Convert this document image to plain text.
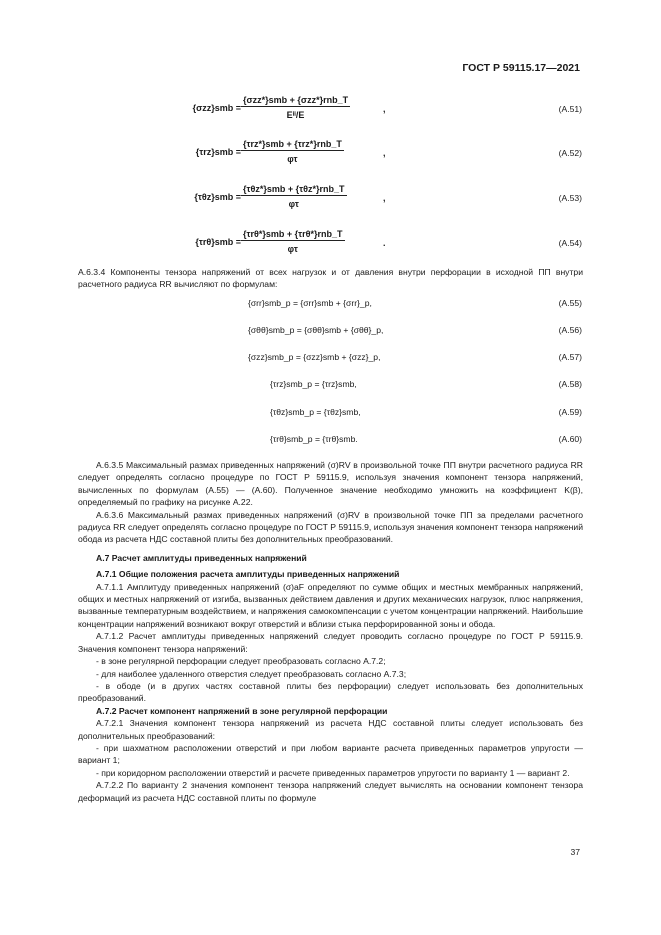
ГОСТ Р 59115.17—2021
{σzz}smb =
{σzz*}smb + {σzz*}rnb_T
Eⁱⁱ/E
,	(A.51)
{τrz}smb =
{τrz*}smb + {τrz*}rnb_T
φτ
,	(A.52)
{τθz}smb =
{τθz*}smb + {τθz*}rnb_T
φτ
,	(A.53)
{τrθ}smb =
{τrθ*}smb + {τrθ*}rnb_T
φτ
.	(A.54)

А.6.3.4 Компоненты тензора напряжений от всех нагрузок и от давления внутри перфорации в исходной ПП внутри расчетного радиуса RR вычисляют по формулам:

{σrr}smb_p = {σrr}smb + {σrr}_p,	(A.55)
{σθθ}smb_p = {σθθ}smb + {σθθ}_p,	(A.56)
{σzz}smb_p = {σzz}smb + {σzz}_p,	(A.57)
{τrz}smb_p = {τrz}smb,	(A.58)
{τθz}smb_p = {τθz}smb,	(A.59)
{τrθ}smb_p = {τrθ}smb.	(A.60)
А.6.3.5 Максимальный размах приведенных напряжений (σ)RV в произвольной точке ПП внутри расчетного радиуса RR следует определять согласно процедуре по ГОСТ Р 59115.9, используя значения компонент тензора напряжений, вычисленных по формулам (А.55) — (А.60). Полученное значение необходимо умножить на коэффициент K(β), определяемый по графику на рисунке А.22.
А.6.3.6 Максимальный размах приведенных напряжений (σ)RV в произвольной точке ПП за пределами расчетного радиуса RR следует определять согласно процедуре по ГОСТ Р 59115.9, используя значения компонент тензора напряжений обода из расчета НДС составной плиты без дополнительных преобразований.
А.7 Расчет амплитуды приведенных напряжений
А.7.1 Общие положения расчета амплитуды приведенных напряжений
А.7.1.1 Амплитуду приведенных напряжений (σ)aF определяют по сумме общих и местных мембранных напряжений, общих и местных напряжений от изгиба, вызванных действием давления и других механических нагрузок, плюс напряжения, вызванные температурным воздействием, и напряжения самокомпенсации с учетом концентрации напряжений. Наибольшие концентрации напряжений возникают вокруг отверстий и вблизи стыка перфорированной зоны и обода.
А.7.1.2 Расчет амплитуды приведенных напряжений следует проводить согласно процедуре по ГОСТ Р 59115.9. Значения компонент тензора напряжений:
- в зоне регулярной перфорации следует преобразовать согласно А.7.2;
- для наиболее удаленного отверстия следует преобразовать согласно А.7.3;
- в ободе (и в других частях составной плиты без перфорации) следует использовать без дополнительных преобразований.
А.7.2 Расчет компонент напряжений в зоне регулярной перфорации
А.7.2.1 Значения компонент тензора напряжений из расчета НДС составной плиты следует использовать без дополнительных преобразований:
- при шахматном расположении отверстий и при любом варианте расчета приведенных параметров упругости — вариант 1;
- при коридорном расположении отверстий и расчете приведенных параметров упругости по варианту 1 — вариант 2.
А.7.2.2 По варианту 2 значения компонент тензора напряжений следует вычислять на основании компонент тензора деформаций из расчета НДС составной плиты по формуле
37
